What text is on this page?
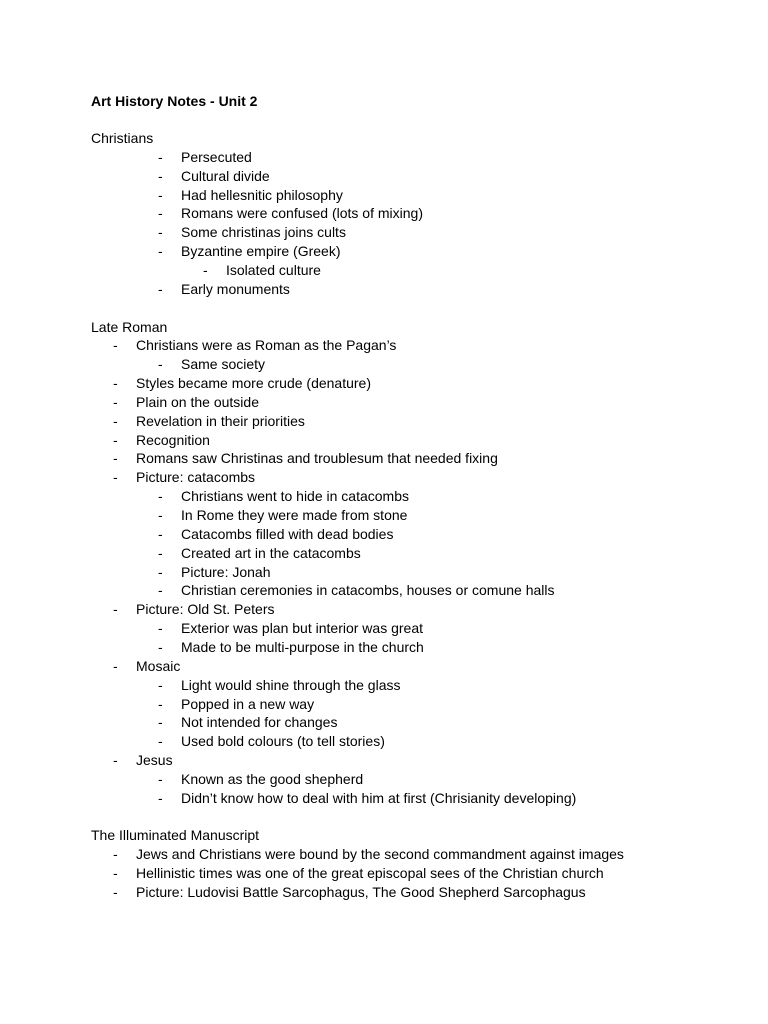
Art History Notes - Unit 2
Christians
- Persecuted
- Cultural divide
- Had hellesnitic philosophy
- Romans were confused (lots of mixing)
- Some christinas joins cults
- Byzantine empire (Greek)
- Isolated culture
- Early monuments
Late Roman
- Christians were as Roman as the Pagan’s
- Same society
- Styles became more crude (denature)
- Plain on the outside
- Revelation in their priorities
- Recognition
- Romans saw Christinas and troublesum that needed fixing
- Picture: catacombs
- Christians went to hide in catacombs
- In Rome they were made from stone
- Catacombs filled with dead bodies
- Created art in the catacombs
- Picture: Jonah
- Christian ceremonies in catacombs, houses or comune halls
- Picture: Old St. Peters
- Exterior was plan but interior was great
- Made to be multi-purpose in the church
- Mosaic
- Light would shine through the glass
- Popped in a new way
- Not intended for changes
- Used bold colours (to tell stories)
- Jesus
- Known as the good shepherd
- Didn’t know how to deal with him at first (Chrisianity developing)
The Illuminated Manuscript
- Jews and Christians were bound by the second commandment against images
- Hellinistic times was one of the great episcopal sees of the Christian church
- Picture: Ludovisi Battle Sarcophagus, The Good Shepherd Sarcophagus
